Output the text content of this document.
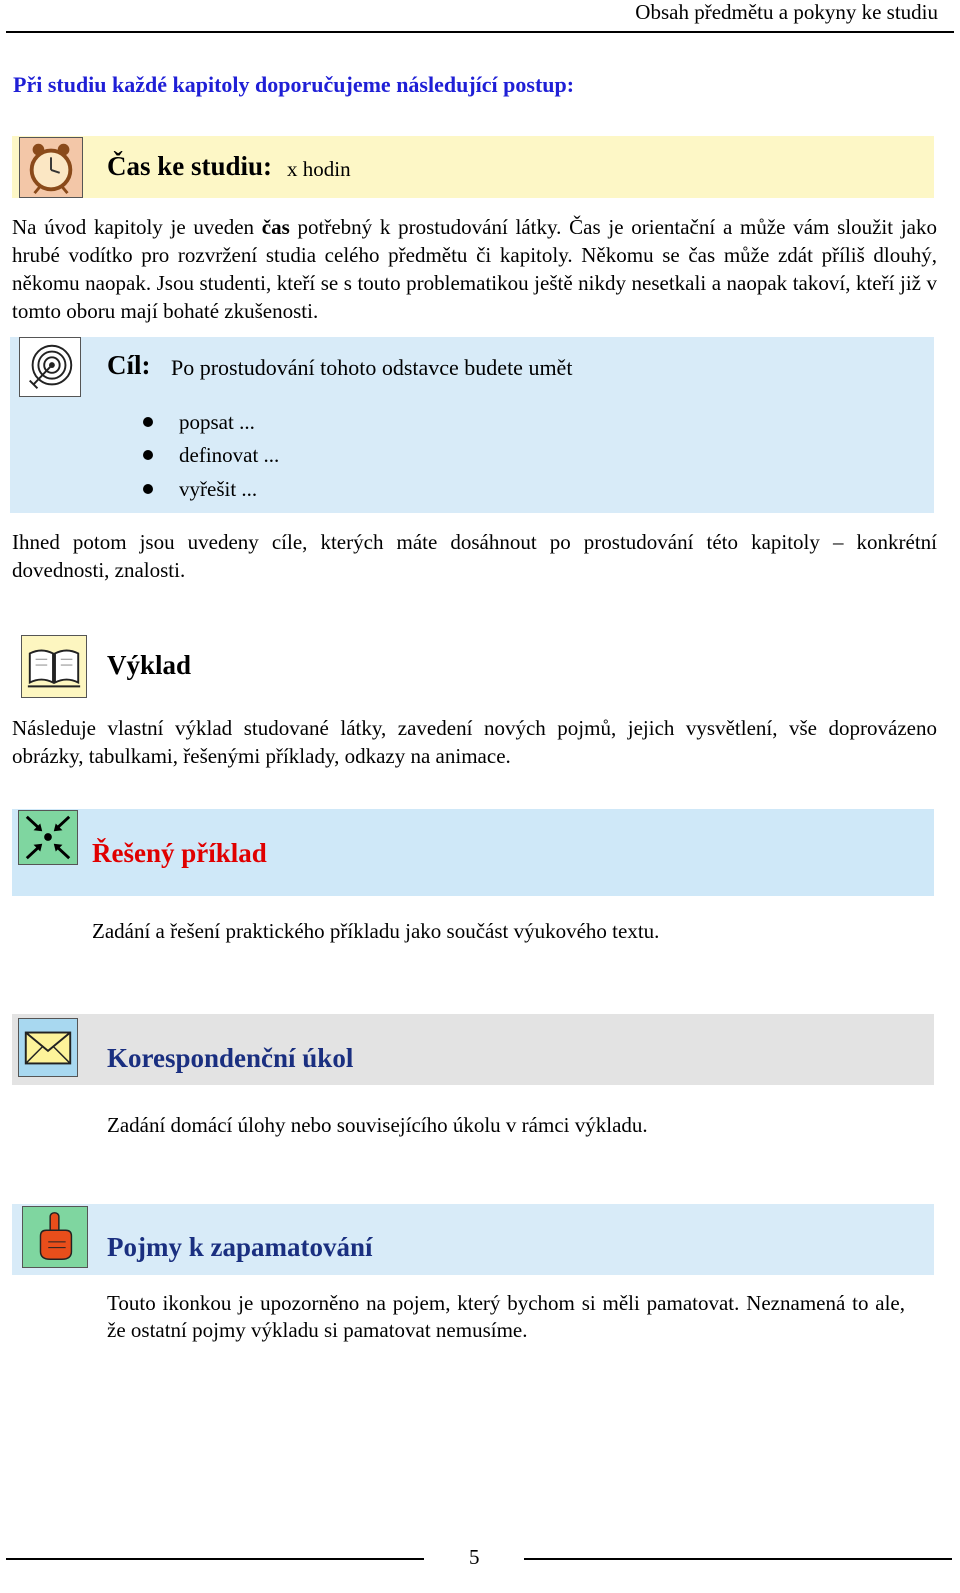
Obsah předmětu a pokyny ke studiu
Při studiu každé kapitoly doporučujeme následující postup:
Čas ke studiu: x hodin
Na úvod kapitoly je uveden čas potřebný k prostudování látky. Čas je orientační a může vám sloužit jako hrubé vodítko pro rozvržení studia celého předmětu či kapitoly. Někomu se čas může zdát příliš dlouhý, někomu naopak. Jsou studenti, kteří se s touto problematikou ještě nikdy nesetkali a naopak takoví, kteří již v tomto oboru mají bohaté zkušenosti.
Cíl: Po prostudování tohoto odstavce budete umět
popsat ...
definovat ...
vyřešit ...
Ihned potom jsou uvedeny cíle, kterých máte dosáhnout po prostudování této kapitoly – konkrétní dovednosti, znalosti.
Výklad
Následuje vlastní výklad studované látky, zavedení nových pojmů, jejich vysvětlení, vše doprovázeno obrázky, tabulkami, řešenými příklady, odkazy na animace.
Řešený příklad
Zadání a řešení praktického příkladu jako součást výukového textu.
Korespondenční úkol
Zadání domácí úlohy nebo souvisejícího úkolu v rámci výkladu.
Pojmy k zapamatování
Touto ikonkou je upozorněno na pojem, který bychom si měli pamatovat. Neznamená to ale, že ostatní pojmy výkladu si pamatovat nemusíme.
5
